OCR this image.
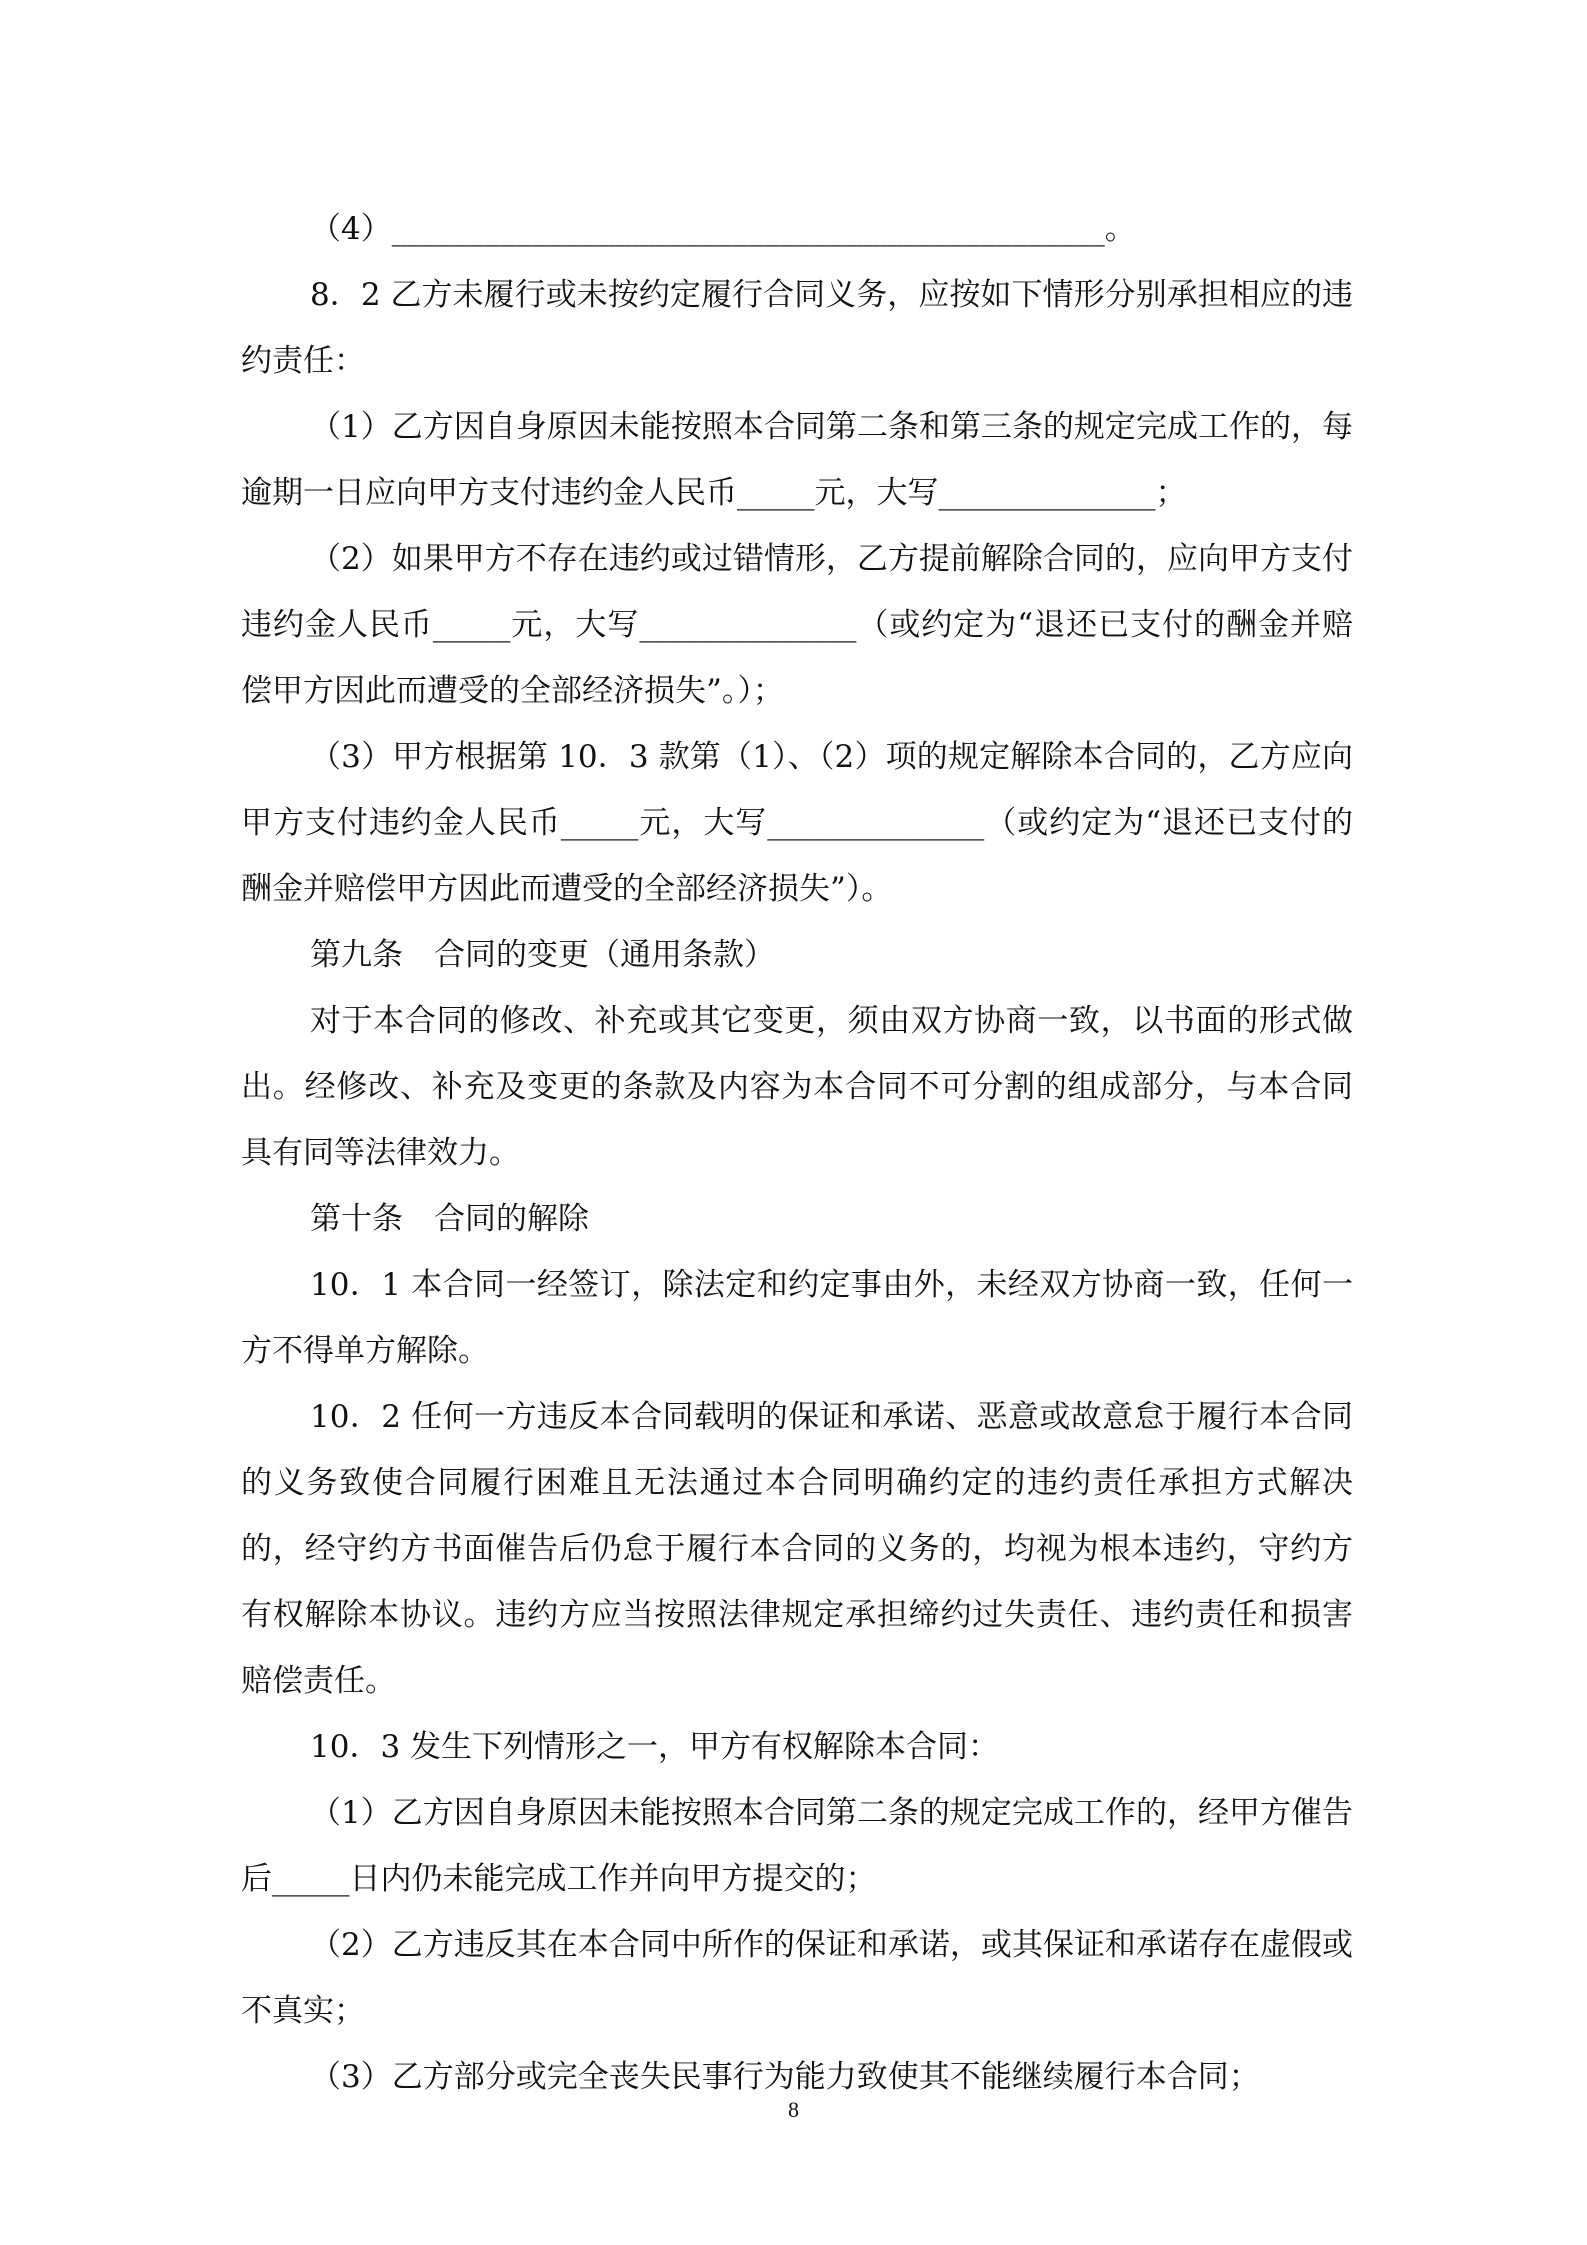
（4）______________________________________________。

8．2 乙方未履行或未按约定履行合同义务，应按如下情形分别承担相应的违约责任：

（1）乙方因自身原因未能按照本合同第二条和第三条的规定完成工作的，每逾期一日应向甲方支付违约金人民币_____元，大写______________；

（2）如果甲方不存在违约或过错情形，乙方提前解除合同的，应向甲方支付违约金人民币_____元，大写______________（或约定为“退还已支付的酬金并赔偿甲方因此而遭受的全部经济损失”。）；

（3）甲方根据第 10．3 款第（1）、（2）项的规定解除本合同的，乙方应向甲方支付违约金人民币_____元，大写______________（或约定为“退还已支付的酬金并赔偿甲方因此而遭受的全部经济损失”）。

第九条　合同的变更（通用条款）

对于本合同的修改、补充或其它变更，须由双方协商一致，以书面的形式做出。经修改、补充及变更的条款及内容为本合同不可分割的组成部分，与本合同具有同等法律效力。

第十条　合同的解除

10．1 本合同一经签订，除法定和约定事由外，未经双方协商一致，任何一方不得单方解除。

10．2 任何一方违反本合同载明的保证和承诺、恶意或故意怠于履行本合同的义务致使合同履行困难且无法通过本合同明确约定的违约责任承担方式解决的，经守约方书面催告后仍怠于履行本合同的义务的，均视为根本违约，守约方有权解除本协议。违约方应当按照法律规定承担缔约过失责任、违约责任和损害赔偿责任。

10．3 发生下列情形之一，甲方有权解除本合同：

（1）乙方因自身原因未能按照本合同第二条的规定完成工作的，经甲方催告后_____日内仍未能完成工作并向甲方提交的；

（2）乙方违反其在本合同中所作的保证和承诺，或其保证和承诺存在虚假或不真实；

（3）乙方部分或完全丧失民事行为能力致使其不能继续履行本合同；

8
